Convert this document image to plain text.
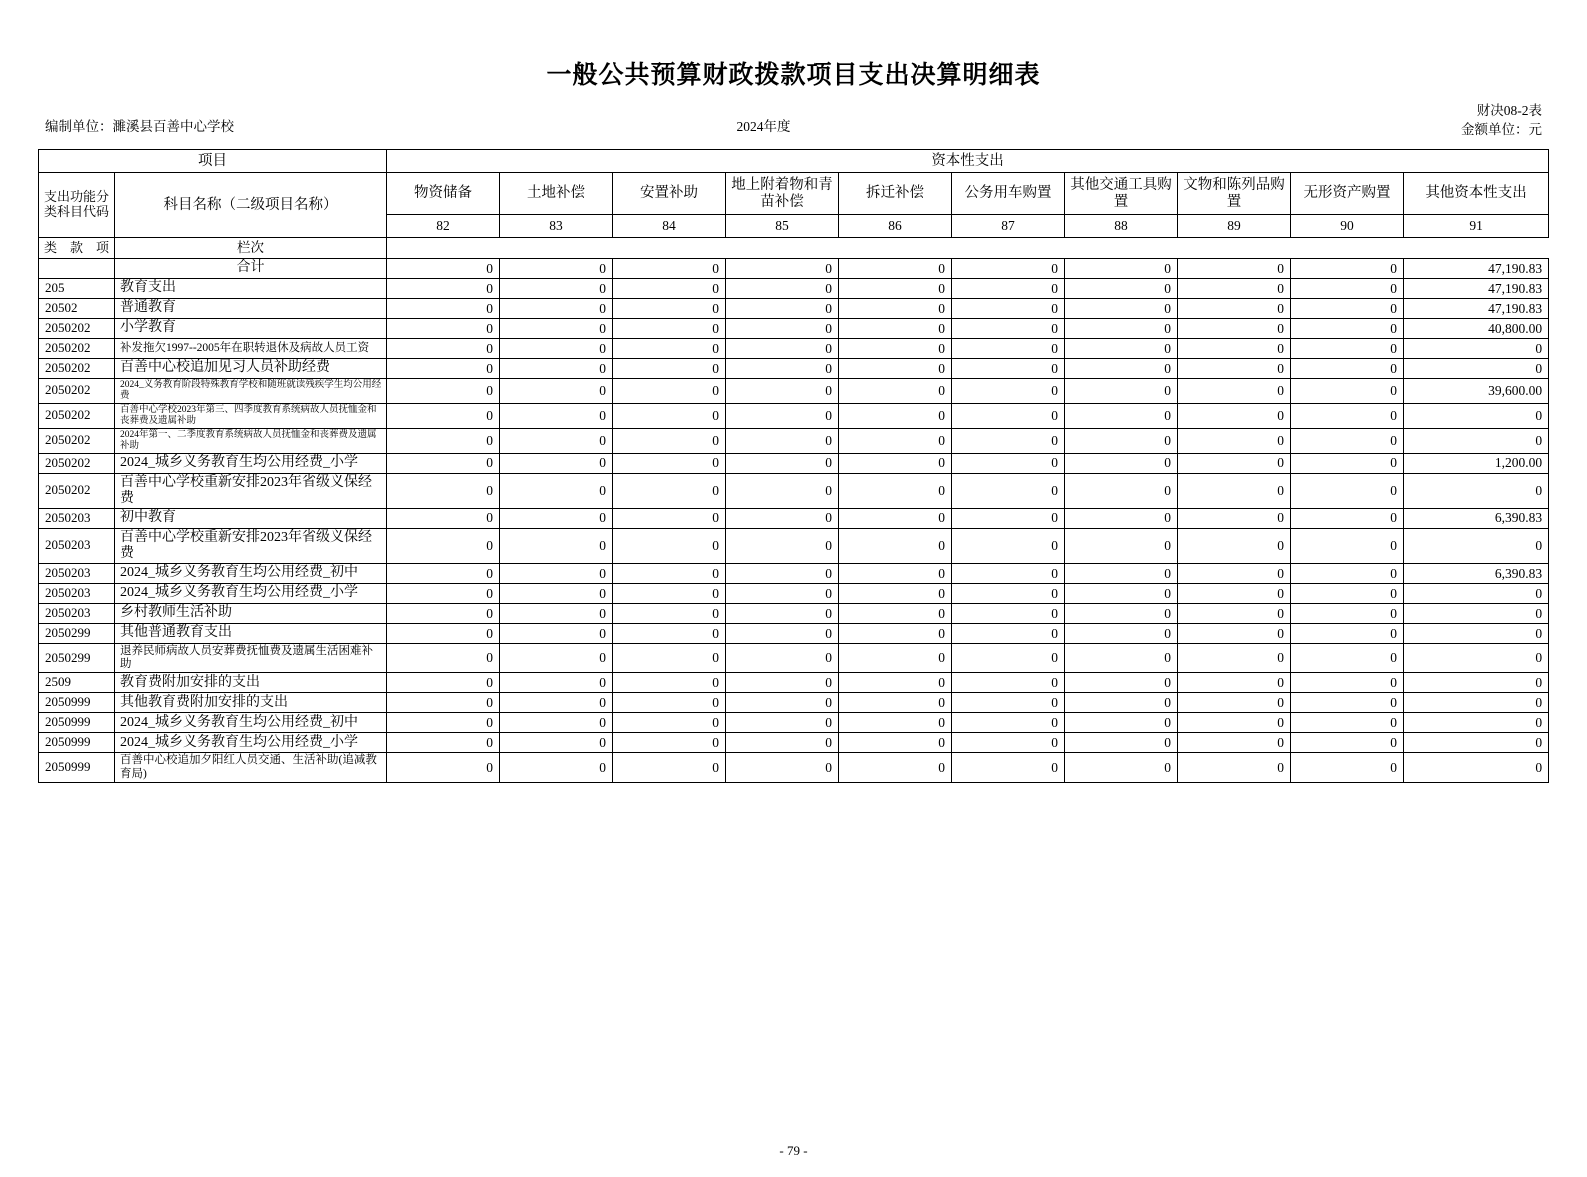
一般公共预算财政拨款项目支出决算明细表
编制单位：濉溪县百善中心学校	2024年度
财决08-2表
金额单位：元
项目		资本性支出									
支出功能分类科目代码	科目名称（二级项目名称）	物资储备	土地补偿	安置补助	地上附着物和青苗补偿	拆迁补偿	公务用车购置	其他交通工具购置	文物和陈列品购置	无形资产购置	其他资本性支出
		82	83	84	85	86	87	88	89	90	91
类 款 项	栏次										
	合计	0	0	0	0	0	0	0	0	0	47,190.83
205	教育支出	0	0	0	0	0	0	0	0	0	47,190.83
20502	普通教育	0	0	0	0	0	0	0	0	0	47,190.83
2050202	小学教育	0	0	0	0	0	0	0	0	0	40,800.00
2050202	补发拖欠1997--2005年在职转退休及病故人员工资	0	0	0	0	0	0	0	0	0	0
2050202	百善中心校追加见习人员补助经费	0	0	0	0	0	0	0	0	0	0
2050202	2024_义务教育阶段特殊教育学校和随班就读残疾学生均公用经费	0	0	0	0	0	0	0	0	0	39,600.00
2050202	百善中心学校2023年第三、四季度教育系统病故人员抚恤金和丧葬费及遗属补助	0	0	0	0	0	0	0	0	0	0
2050202	2024年第一、二季度教育系统病故人员抚恤金和丧葬费及遗属补助	0	0	0	0	0	0	0	0	0	0
2050202	2024_城乡义务教育生均公用经费_小学	0	0	0	0	0	0	0	0	0	1,200.00
2050202	百善中心学校重新安排2023年省级义保经费	0	0	0	0	0	0	0	0	0	0
2050203	初中教育	0	0	0	0	0	0	0	0	0	6,390.83
2050203	百善中心学校重新安排2023年省级义保经费	0	0	0	0	0	0	0	0	0	0
2050203	2024_城乡义务教育生均公用经费_初中	0	0	0	0	0	0	0	0	0	6,390.83
2050203	2024_城乡义务教育生均公用经费_小学	0	0	0	0	0	0	0	0	0	0
2050203	乡村教师生活补助	0	0	0	0	0	0	0	0	0	0
2050299	其他普通教育支出	0	0	0	0	0	0	0	0	0	0
2050299	退养民师病故人员安葬费抚恤费及遗属生活困难补助	0	0	0	0	0	0	0	0	0	0
2509	教育费附加安排的支出	0	0	0	0	0	0	0	0	0	0
2050999	其他教育费附加安排的支出	0	0	0	0	0	0	0	0	0	0
2050999	2024_城乡义务教育生均公用经费_初中	0	0	0	0	0	0	0	0	0	0
2050999	2024_城乡义务教育生均公用经费_小学	0	0	0	0	0	0	0	0	0	0
2050999	百善中心校追加夕阳红人员交通、生活补助(追减教育局)	0	0	0	0	0	0	0	0	0	0
- 79 -
